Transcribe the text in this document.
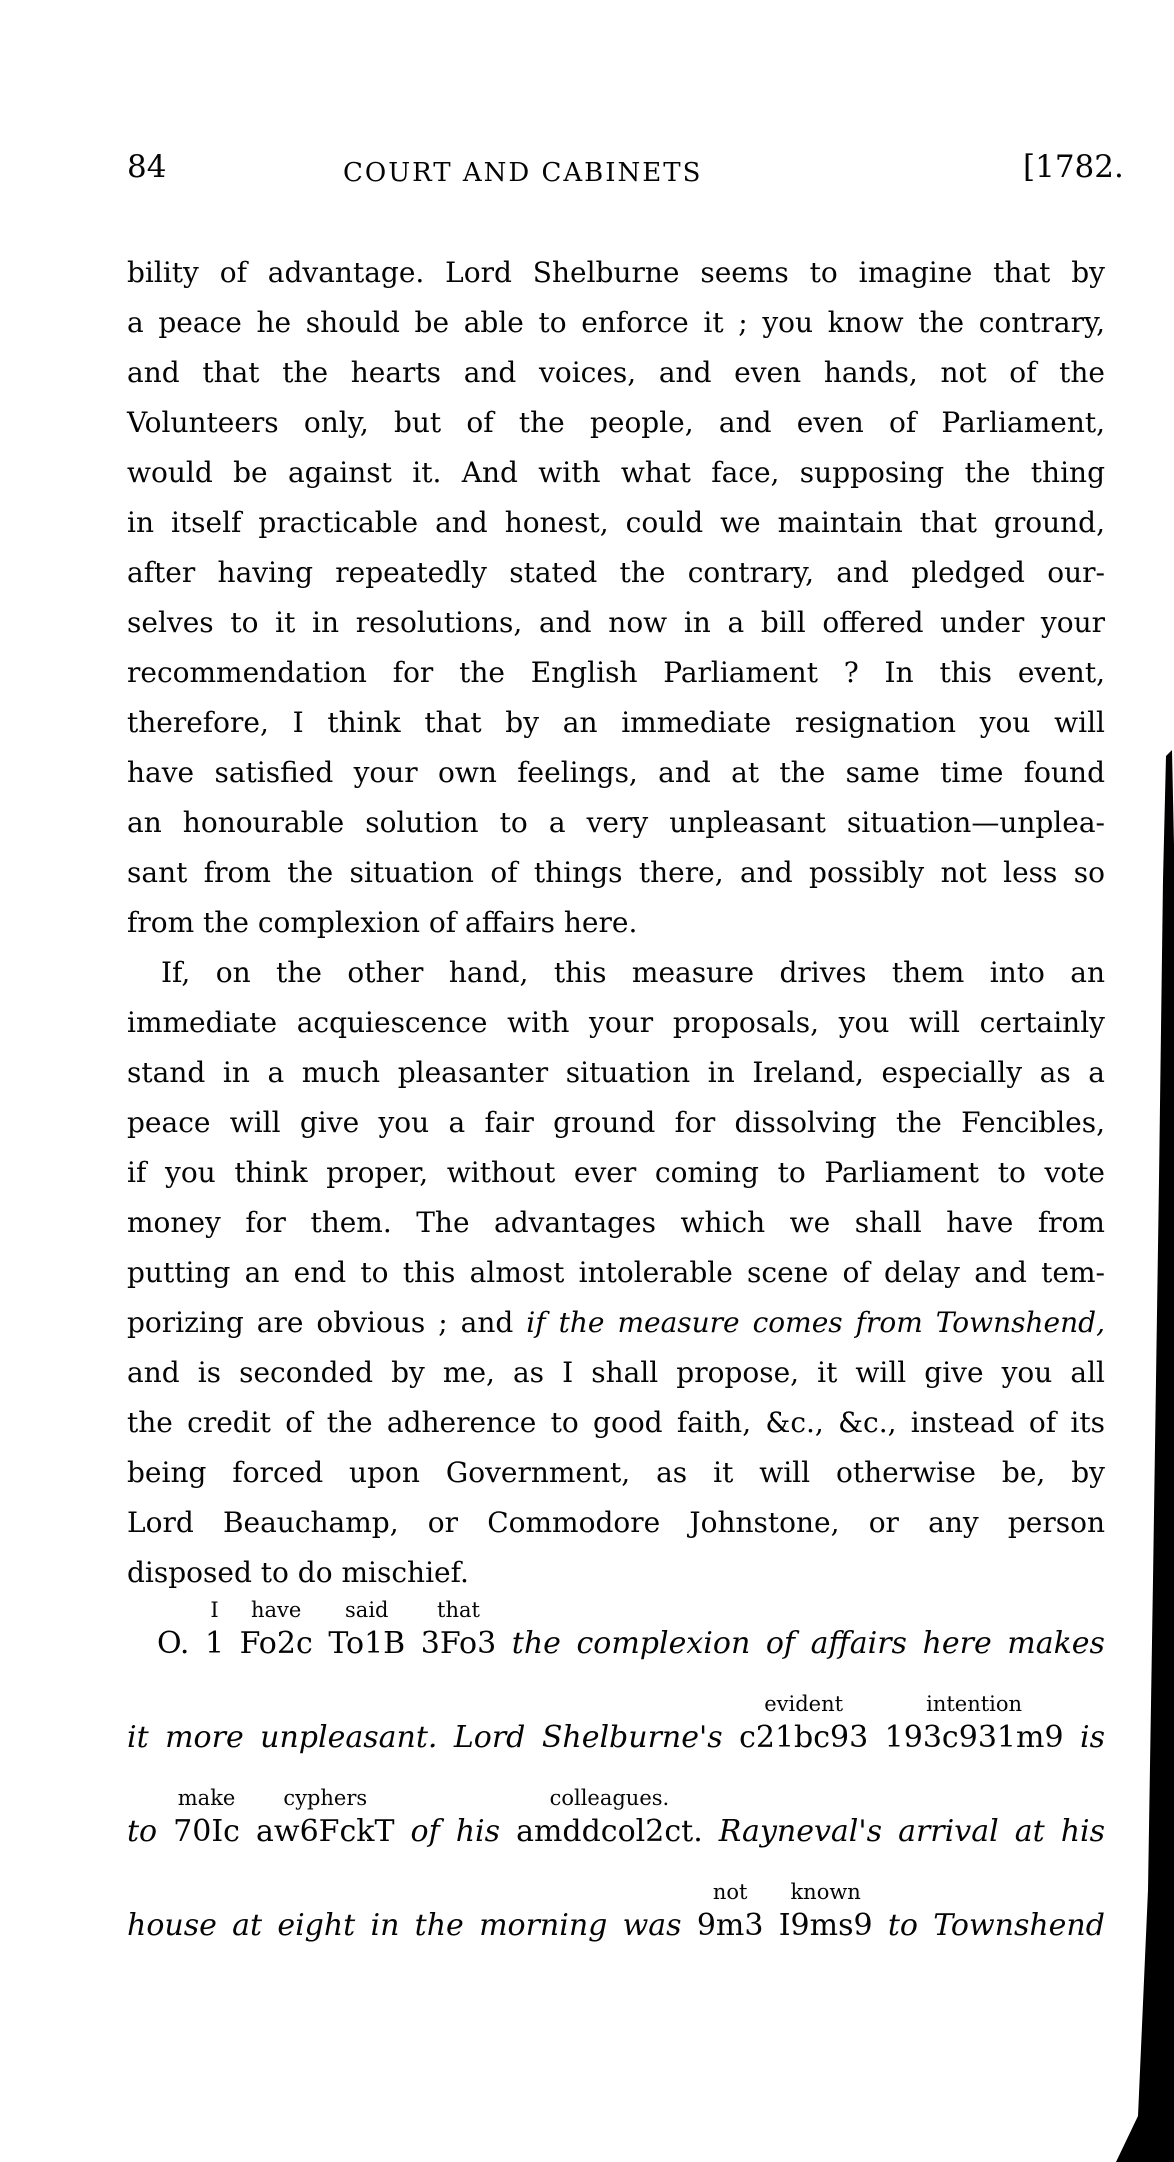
84	COURT AND CABINETS	[1782.
bility of advantage. Lord Shelburne seems to imagine that by
a peace he should be able to enforce it ; you know the contrary,
and that the hearts and voices, and even hands, not of the
Volunteers only, but of the people, and even of Parliament,
would be against it. And with what face, supposing the thing
in itself practicable and honest, could we maintain that ground,
after having repeatedly stated the contrary, and pledged our-
selves to it in resolutions, and now in a bill offered under your
recommendation for the English Parliament ? In this event,
therefore, I think that by an immediate resignation you will
have satisfied your own feelings, and at the same time found
an honourable solution to a very unpleasant situation—unplea-
sant from the situation of things there, and possibly not less so
from the complexion of affairs here.
If, on the other hand, this measure drives them into an
immediate acquiescence with your proposals, you will certainly
stand in a much pleasanter situation in Ireland, especially as a
peace will give you a fair ground for dissolving the Fencibles,
if you think proper, without ever coming to Parliament to vote
money for them. The advantages which we shall have from
putting an end to this almost intolerable scene of delay and tem-
porizing are obvious ; and if the measure comes from Townshend,
and is seconded by me, as I shall propose, it will give you all
the credit of the adherence to good faith, &c., &c., instead of its
being forced upon Government, as it will otherwise be, by
Lord Beauchamp, or Commodore Johnstone, or any person
disposed to do mischief.
O.
I
1
have
Fo2c
said
To1B
that
3Fo3 the complexion of affairs here makes
it more unpleasant. Lord Shelburne's
evident
c21bc93
intention
193c931m9 is
to
make
70Ic
cyphers
aw6FckT of his
colleagues.
amddcol2ct. Rayneval's arrival at his
house at eight in the morning was
not
9m3
known
I9ms9 to Townshend
